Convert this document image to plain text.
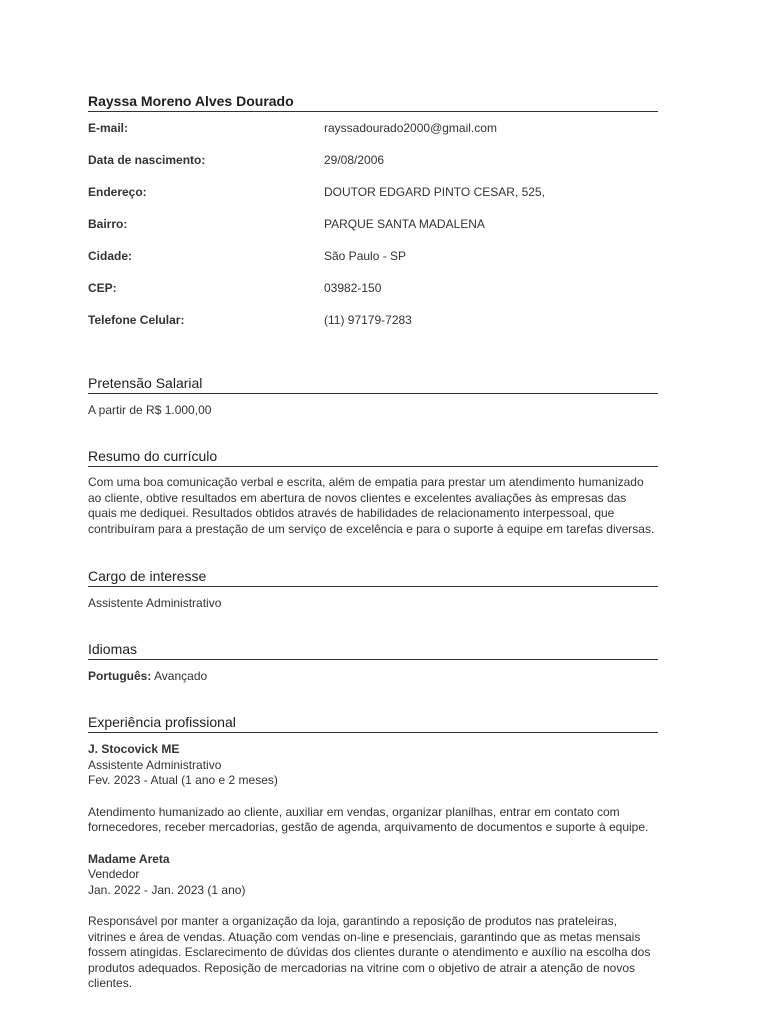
Rayssa Moreno Alves Dourado
E-mail:	rayssadourado2000@gmail.com
Data de nascimento:	29/08/2006
Endereço:	DOUTOR EDGARD PINTO CESAR, 525,
Bairro:	PARQUE SANTA MADALENA
Cidade:	São Paulo - SP
CEP:	03982-150
Telefone Celular:	(11) 97179-7283
Pretensão Salarial

A partir de R$ 1.000,00

Resumo do currículo

Com uma boa comunicação verbal e escrita, além de empatia para prestar um atendimento humanizado

ao cliente, obtive resultados em abertura de novos clientes e excelentes avaliações às empresas das

quais me dediquei. Resultados obtidos através de habilidades de relacionamento interpessoal, que

contribuíram para a prestação de um serviço de excelência e para o suporte à equipe em tarefas diversas.

Cargo de interesse

Assistente Administrativo

Idiomas

Português: Avançado

Experiência profissional

J. Stocovick ME

Assistente Administrativo

Fev. 2023 - Atual (1 ano e 2 meses)

Atendimento humanizado ao cliente, auxiliar em vendas, organizar planilhas, entrar em contato com

fornecedores, receber mercadorias, gestão de agenda, arquivamento de documentos e suporte à equipe.

Madame Areta

Vendedor

Jan. 2022 - Jan. 2023 (1 ano)

Responsável por manter a organização da loja, garantindo a reposição de produtos nas prateleiras,

vitrines e área de vendas. Atuação com vendas on-line e presenciais, garantindo que as metas mensais

fossem atingidas. Esclarecimento de dúvidas dos clientes durante o atendimento e auxílio na escolha dos

produtos adequados. Reposição de mercadorias na vitrine com o objetivo de atrair a atenção de novos

clientes.
